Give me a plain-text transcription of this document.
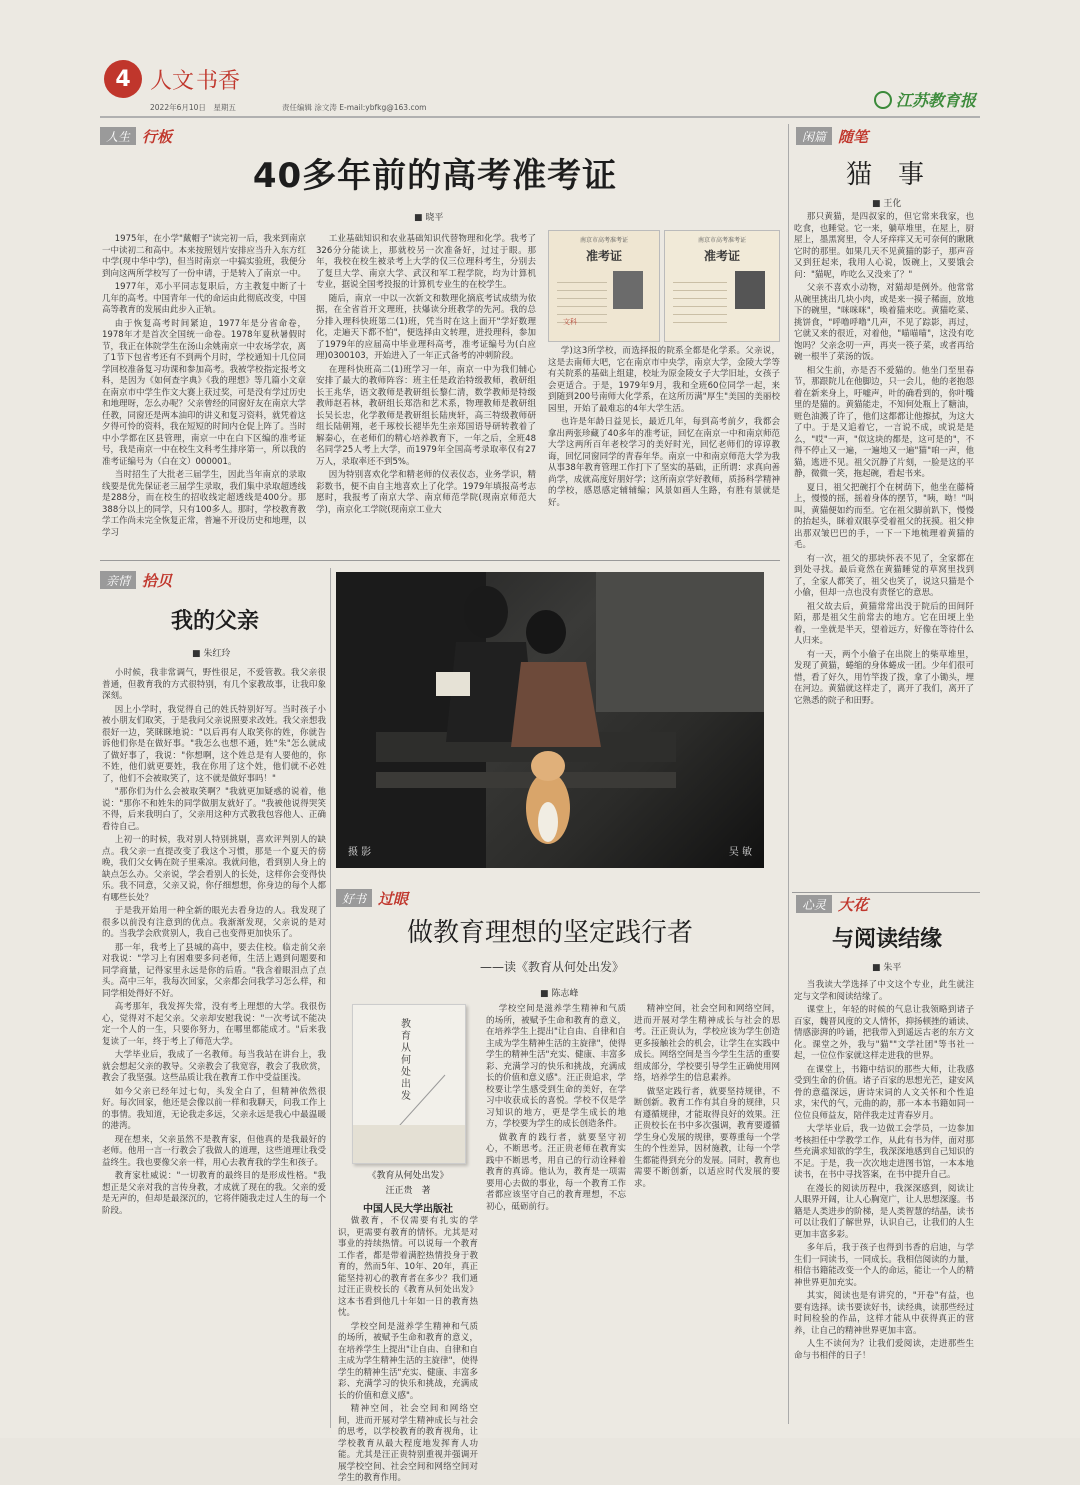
4 人文 书香
2022年6月10日　星期五	责任编辑 涂文涛 E-mail:ybfkg@163.com	江苏教育报
人生 行板
40多年前的高考准考证
■ 晓平

1975年，在小学"戴帽子"读完初一后，我来到南京一中读初二和高中。本来按照划片安排应当升入东方红中学(现中华中学)，但当时南京一中搞实验班，我便分到向这两所学校写了一份申请，于是转入了南京一中。

1977年，邓小平同志复职后，方主教复中断了十几年的高考。中国青年一代的命运由此彻底改变，中国高等教育的发展由此步入正轨。

由于恢复高考时间紧迫，1977年是分省命卷，1978年才是首次全国统一命卷。1978年夏秋暑假时节，我正在体院学生在汤山余姚南京一中农场学农，离了1节下包省考还有不到两个月时，学校通知十几位同学回校准备复习功课和参加高考。我被学校指定报考文科，是因为《如何查字典》《我的理想》等几篇小文章在南京市中学生作文大赛上获过奖，可是没有学过历史和地理呀，怎么办呢？父亲曾经的同窗好友在南京大学任教，同窗还是两本油印的讲义和复习资料，就凭着这夕得可怜的资料，我在短短的时间内仓促上阵了。当时中小学都在区县管理，南京一中在白下区编的准考证号，我是南京一中在校生文科考生排序第一，所以我的准考证编号为（白在文）000001。

当时招生了大批老三届学生，因此当年南京的录取线要是优先保证老三届学生录取，我们集中录取超透线是288分，而在校生的招收线定超透线是400分。那388分以上的同学，只有100多人。那时，学校教育教学工作尚未完全恢复正常，普遍不开设历史和地理，以学习

工业基础知识和农业基础知识代替物理和化学。我考了326分分能读上，那就校另一次准备好，过过于眼。那年，我校在校生被录考上大学的仅三位理科考生，分别去了复旦大学、南京大学、武汉和军工程学院，均为计算机专业，据说全国考投报的计算机专业生的在校学生。

随后，南京一中以一次新文和数理化摘底考试成绩为依据，在全省首开文理班，扶爆读分班教学的先河。我的总分排入理科快班第二(1)班，凭当时在这上面开"学好数理化，走遍天下都不怕"，便选择由文转理，进投理科，参加了1979年的应届高中毕业理科高考，准考证编号为(白应理)0300103，开始进入了一年正式备考的冲刺阶段。

在理科快班高二(1)班学习一年，南京一中为我们辅心安排了最大的教师阵容：班主任是政治特级教师，教研组长王兆华，语文教师是教研组长黎仁清，数学教师是特级教师赵若林，教研组长郑浩和艺术系，物理教师是教研组长吴长忠，化学教师是教研组长陆庚轩，高三特级教师研组长陆朝翔，老千琢校长褪毕先生亲郑国语导研转教着了解秦心，在老师们的精心培养教育下，一年之后，全班48名同学25人考上大学，而1979年全国高考录取率仅有27万人，录取率还不到5%。

因为特别喜欢化学和精老师的仪表仪态，业务学识，精彩数书，便不由自主地喜欢上了化学。1979年填报高考志愿时，我报考了南京大学、南京师范学院(现南京师范大学)，南京化工学院(现南京工业大

南京市高考准考证
准考证
文科
南京市高考准考证
准考证

学)这3所学校，而选择报的院系全都是化学系。父亲说，这是去南师大吧，它在南京市中央学，南京大学，金陵大学等有关院系的基础上组建，校址为原金陵女子大学旧址，女孩子会更适合。于是，1979年9月，我和全班60位同学一起，来到随到200号南师大化学系，在这所历满"厚生"美国的美丽校园里，开始了最难忘的4年大学生活。

也许是年龄日益见长，最近几年，每到高考前夕，我都会拿出两张珍藏了40多年的准考证，回忆在南京一中和南京师范大学这两所百年老校学习的美好时光，回忆老师们的谆谆教诲，回忆同窗同学的青春年华。南京一中和南京师范大学为我从事38年教育管理工作打下了坚实的基础，正所谓：求真向善尚学，成就高度好朋好学；这所南京学好教师，质扬科学精神的学校，感恩感定辅辅编；风景如画人生路，有胜有景就是好。

闲篇 随笔
猫　事
■ 王化

那只黄猫，是四叔家的，但它常来我家，也吃食，也睡觉。它一来，躺草堆里，在屋上，厨屋上，墨黑窝里，令人牙痒痒又无可奈何的瞅瞅它时的那里。如果几天不见黄猫的影子，那声音又到狂起来，我用人心说，饭碗上，又要饿会问："猫呢，咋吃么又没来了？"

父亲不喜欢小动物，对猫却是例外。他常常从碗里挑出几块小肉，或是来一摸子稀面，放地下的碗里，"咪咪咪"，唤着猫来吃。黄猫吃菜、挑饼食，"呼噜呼噜"几声，不见了踪影，再过，它就又来的很近，对着他，"喵喵喵"，这没有吃饱吗？父亲念叨一声，再夹一筷子菜，或者再给碗一根半了菜汤的饭。

相父生前，亦是否不爱猫的。他坐门至里春节，那跟院儿在他脚边，只一会儿，他的老抱怨着在新来身上，吁嘘声，叶的确看到的，你叶嘴里的是猫的。黄猫能走，不知何处瓶上了糖油，赃色油溅了许了，他们这都都让他擦拭，为这大了中。于是又追着它，一言说不成，或说是是么，"哎"一声，"似这块的都是，这可是的"，不得不停止又一遍，一遍地又一遍"猫"咱一声，他猫，逃进不见。祖父沉静了片刻，一脸是这的平静，微微一笑，拖起碗，看起书来。

夏日，祖父把碗打个在树荫下，他坐在藤椅上，慢慢的摇，摇着身体的摆节，"咦，呦！"叫叫，黄猫便如约而至。它在祖父脚前趴下，慢慢的抬起头，眯着双眼享受着祖父的抚摸。祖父伸出那双皱巴巴的手，一下一下地梳理着黄猫的毛。

有一次，祖父的那块怀表不见了，全家都在到处寻找。最后竟然在黄猫睡觉的草窝里找到了，全家人都笑了，祖父也笑了，说这只猫是个小偷，但却一点也没有责怪它的意思。

祖父故去后，黄猫常常出没于院后的田间阡陌，那是祖父生前常去的地方。它在田埂上坐着，一坐就是半天，望着远方，好像在等待什么人归来。

有一天，两个小偷子在出院上的柴草堆里，发现了黄猫，蜷缩的身体蜷成一团。少年们很可惜，看了好久，用竹竿拨了拨，拿了小锄头，埋在河边。黄猫就这样走了，离开了我们，离开了它熟悉的院子和田野。

心灵 大花
与阅读结缘
■ 朱平

当我读大学选择了中文这个专业，此生就注定与文学和阅读结缘了。

课堂上，年轻的时候的气息让我领略到诸子百家，魏晋风度的文人情怀，抑扬顿挫的诵读、情感澎湃的吟诵，把我带入到遥远古老的东方文化。课堂之外，我与"猫""文学社团"等书社一起，一位位作家就这样走进我的世界。

在课堂上，书籍中结识的那些大师，让我感受到生命的价值。诸子百家的思想光芒，建安风骨的意蕴深远，唐诗宋词的人文关怀和个性追求，宋代的气，元曲的韵，那一本本书籍如同一位位良师益友，陪伴我走过青春岁月。

大学毕业后，我一边做工会学员，一边参加考核担任中学教学工作，从此有书为伴，面对那些充满求知欲的学生，我深深地感到自己知识的不足。于是，我一次次地走进图书馆，一本本地读书，在书中寻找答案，在书中提升自己。

在漫长的阅读历程中，我深深感到，阅读让人眼界开阔，让人心胸宽广，让人思想深邃。书籍是人类进步的阶梯，是人类智慧的结晶，读书可以让我们了解世界，认识自己，让我们的人生更加丰富多彩。

多年后，我于孩子也得到书香的启迪，与学生们一同读书，一同成长。我相信阅读的力量，相信书籍能改变一个人的命运，能让一个人的精神世界更加充实。

其实，阅读也是有讲究的，"开卷"有益，也要有选择。读书要读好书，读经典，读那些经过时间检验的作品，这样才能从中获得真正的营养，让自己的精神世界更加丰富。

人生不读何为？让我们爱阅读，走进那些生命与书相伴的日子！

亲情 拾贝
我的父亲
■ 朱红玲

小时候，我非常调气，野性很足，不爱管教。我父亲很普通，但教育我的方式很特别，有几个家教故事，让我印象深刻。

因上小学时，我觉得自己的姓氏特别好写。当时孩子小被小朋友们取笑，于是我问父亲说照要求改姓。我父亲想我很好一边，笑眯眯地说："以后再有人取笑你的姓，你就告诉他们你是在做好事。"我怎么也想不通，姓"朱"怎么就成了做好事了，我说："你想啊，这个姓总是有人要他的，你不姓，他们就更要姓，我在你用了这个姓，他们就不必姓了，他们不会被取笑了，这不就是做好事吗！"

"那你们为什么会被取笑啊？"我就更加疑惑的说着，他说："那你不和姓朱的同学做朋友就好了。"我被他说得哭笑不得，后来我明白了，父亲用这种方式教我包容他人、正确看待自己。

上初一的时候，我对别人特别挑剔，喜欢评判别人的缺点。我父亲一直提改变了我这个习惯，那是一个夏天的傍晚，我们父女俩在院子里乘凉。我就问他，看到别人身上的缺点怎么办。父亲说，学会看别人的长处，这样你会变得快乐。我不同意，父亲又说，你仔细想想，你身边的每个人都有哪些长处？

于是我开始用一种全新的眼光去看身边的人。我发现了很多以前没有注意到的优点。我渐渐发现，父亲说的是对的。当我学会欣赏别人，我自己也变得更加快乐了。

那一年，我考上了县城的高中，要去住校。临走前父亲对我说："学习上有困难要多问老师，生活上遇到问题要和同学商量，记得家里永远是你的后盾。"我含着眼泪点了点头。高中三年，我每次回家，父亲都会问我学习怎么样，和同学相处得好不好。

高考那年，我发挥失常，没有考上理想的大学。我很伤心，觉得对不起父亲。父亲却安慰我说："一次考试不能决定一个人的一生，只要你努力，在哪里都能成才。"后来我复读了一年，终于考上了师范大学。

大学毕业后，我成了一名教师。每当我站在讲台上，我就会想起父亲的教导。父亲教会了我宽容，教会了我欣赏，教会了我坚强。这些品质让我在教育工作中受益匪浅。

如今父亲已经年过七旬，头发全白了，但精神依然很好。每次回家，他还是会像以前一样和我聊天，问我工作上的事情。我知道，无论我走多远，父亲永远是我心中最温暖的港湾。

现在想来，父亲虽然不是教育家，但他真的是我最好的老师。他用一言一行教会了我做人的道理，这些道理让我受益终生。我也要像父亲一样，用心去教育我的学生和孩子。

教育家杜威说："一切教育的最终目的是形成性格。"我想正是父亲对我的言传身教，才成就了现在的我。父亲的爱是无声的，但却是最深沉的，它将伴随我走过人生的每一个阶段。

摄 影	吴 敏
好书 过眼
做教育理想的坚定践行者
——读《教育从何处出发》
■ 陈志峰
教育从何处出发
《教育从何处出发》
汪正贵　著
中国人民大学出版社

做教育，不仅需要有扎实的学识，更需要有教育的情怀。尤其是对事业的持续热情。可以说每一个教育工作者，都是带着满腔热情投身于教育的，然而5年、10年、20年，真正能坚持初心的教育者在多少？我们通过汪正贵校长的《教育从何处出发》这本书看到他几十年如一日的教育热忱。

学校空间是滋养学生精神和气质的场所，被赋予生命和教育的意义，在培养学生上提出"让自由、自律和自主成为学生精神生活的主旋律"，使得学生的精神生活"充实、健康、丰富多彩、充满学习的快乐和挑战，充满成长的价值和意义感"。

精神空间，社会空间和网络空间，进而开展对学生精神成长与社会的思考，以学校教育的教育视角，让学校教育从最大程度地发挥育人功能。尤其是汪正贵特别重视并强调开展学校空间、社会空间和网络空间对学生的教育作用。

学校空间是滋养学生精神和气质的场所，被赋予生命和教育的意义，在培养学生上提出"让自由、自律和自主成为学生精神生活的主旋律"，使得学生的精神生活"充实、健康、丰富多彩、充满学习的快乐和挑战，充满成长的价值和意义感"。汪正贵追求，学校要让学生感受到生命的美好，在学习中收获成长的喜悦。学校不仅是学习知识的地方，更是学生成长的地方，学校要为学生的成长创造条件。

做教育的践行者，就要坚守初心，不断思考。汪正贵老师在教育实践中不断思考，用自己的行动诠释着教育的真谛。他认为，教育是一项需要用心去做的事业，每一个教育工作者都应该坚守自己的教育理想，不忘初心，砥砺前行。

精神空间，社会空间和网络空间，进而开展对学生精神成长与社会的思考。汪正贵认为，学校应该为学生创造更多接触社会的机会，让学生在实践中成长。网络空间是当今学生生活的重要组成部分，学校要引导学生正确使用网络，培养学生的信息素养。

做坚定践行者，就要坚持规律，不断创新。教育工作有其自身的规律，只有遵循规律，才能取得良好的效果。汪正贵校长在书中多次强调，教育要遵循学生身心发展的规律，要尊重每一个学生的个性差异，因材施教，让每一个学生都能得到充分的发展。同时，教育也需要不断创新，以适应时代发展的要求。
